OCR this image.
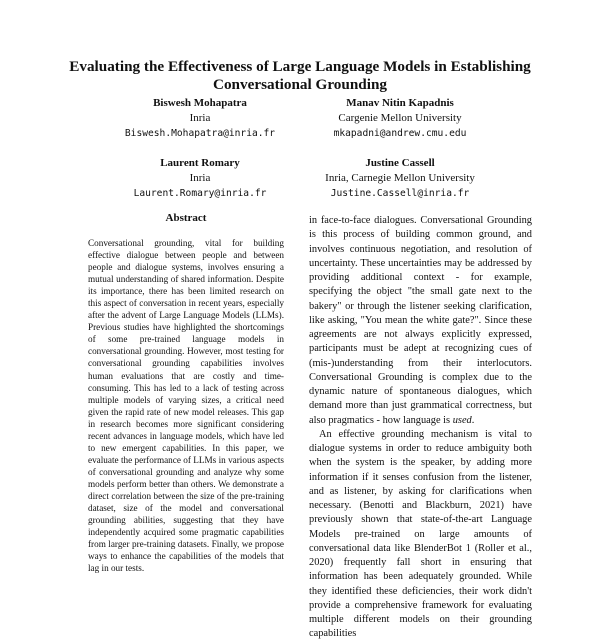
Evaluating the Effectiveness of Large Language Models in Establishing Conversational Grounding
Biswesh Mohapatra
Inria
Biswesh.Mohapatra@inria.fr
Manav Nitin Kapadnis
Cargenie Mellon University
mkapadni@andrew.cmu.edu
Laurent Romary
Inria
Laurent.Romary@inria.fr
Justine Cassell
Inria, Carnegie Mellon University
Justine.Cassell@inria.fr
Abstract
Conversational grounding, vital for building effective dialogue between people and between people and dialogue systems, involves ensuring a mutual understanding of shared information. Despite its importance, there has been limited research on this aspect of conversation in recent years, especially after the advent of Large Language Models (LLMs). Previous studies have highlighted the shortcomings of some pre-trained language models in conversational grounding. However, most testing for conversational grounding capabilities involves human evaluations that are costly and time-consuming. This has led to a lack of testing across multiple models of varying sizes, a critical need given the rapid rate of new model releases. This gap in research becomes more significant considering recent advances in language models, which have led to new emergent capabilities. In this paper, we evaluate the performance of LLMs in various aspects of conversational grounding and analyze why some models perform better than others. We demonstrate a direct correlation between the size of the pre-training dataset, size of the model and conversational grounding abilities, suggesting that they have independently acquired some pragmatic capabilities from larger pre-training datasets. Finally, we propose ways to enhance the capabilities of the models that lag in our tests.

in face-to-face dialogues. Conversational Grounding is this process of building common ground, and involves continuous negotiation, and resolution of uncertainty. These uncertainties may be addressed by providing additional context - for example, specifying the object "the small gate next to the bakery" or through the listener seeking clarification, like asking, "You mean the white gate?". Since these agreements are not always explicitly expressed, participants must be adept at recognizing cues of (mis-)understanding from their interlocutors. Conversational Grounding is complex due to the dynamic nature of spontaneous dialogues, which demand more than just grammatical correctness, but also pragmatics - how language is used.

An effective grounding mechanism is vital to dialogue systems in order to reduce ambiguity both when the system is the speaker, by adding more information if it senses confusion from the listener, and as listener, by asking for clarifications when necessary. (Benotti and Blackburn, 2021) have previously shown that state-of-the-art Language Models pre-trained on large amounts of conversational data like BlenderBot 1 (Roller et al., 2020) frequently fall short in ensuring that information has been adequately grounded. While they identified these deficiencies, their work didn't provide a comprehensive framework for evaluating multiple different models on their grounding capabilities
